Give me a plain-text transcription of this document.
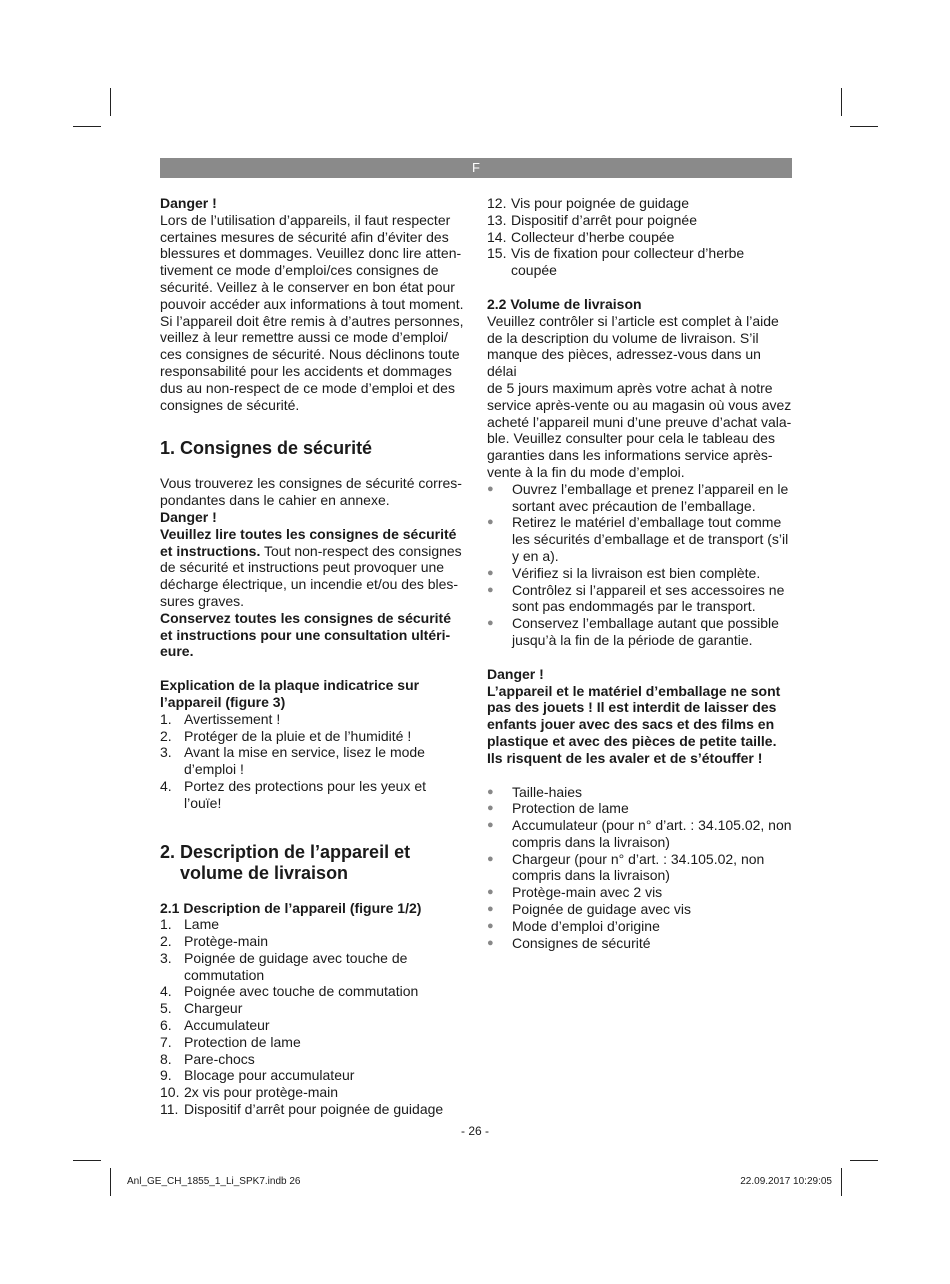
F

Danger !

Lors de l’utilisation d’appareils, il faut respecter
certaines mesures de sécurité afin d’éviter des
blessures et dommages. Veuillez donc lire atten-
tivement ce mode d’emploi/ces consignes de
sécurité. Veillez à le conserver en bon état pour
pouvoir accéder aux informations à tout moment.
Si l’appareil doit être remis à d’autres personnes,
veillez à leur remettre aussi ce mode d’emploi/
ces consignes de sécurité. Nous déclinons toute
responsabilité pour les accidents et dommages
dus au non-respect de ce mode d’emploi et des
consignes de sécurité.
1. Consignes de sécurité
Vous trouverez les consignes de sécurité corres-
pondantes dans le cahier en annexe.

Danger !

Veuillez lire toutes les consignes de sécurité
et instructions. Tout non-respect des consignes
de sécurité et instructions peut provoquer une
décharge électrique, un incendie et/ou des bles-
sures graves.
Conservez toutes les consignes de sécurité
et instructions pour une consultation ultéri-
eure.
Explication de la plaque indicatrice sur
l’appareil (figure 3)
1. Avertissement !
2. Protéger de la pluie et de l’humidité !
3. Avant la mise en service, lisez le mode d’emploi !
4. Portez des protections pour les yeux et l’ouïe!
2. Description de l’appareil et
volume de livraison

2.1 Description de l’appareil (figure 1/2)

1. Lame
2. Protège-main
3. Poignée de guidage avec touche de commutation
4. Poignée avec touche de commutation
5. Chargeur
6. Accumulateur
7. Protection de lame
8. Pare-chocs
9. Blocage pour accumulateur
10. 2x vis pour protège-main
11. Dispositif d’arrêt pour poignée de guidage
12. Vis pour poignée de guidage
13. Dispositif d’arrêt pour poignée
14. Collecteur d’herbe coupée
15. Vis de fixation pour collecteur d’herbe coupée

2.2 Volume de livraison

Veuillez contrôler si l’article est complet à l’aide
de la description du volume de livraison. S’il
manque des pièces, adressez-vous dans un délai
de 5 jours maximum après votre achat à notre
service après-vente ou au magasin où vous avez
acheté l’appareil muni d’une preuve d’achat vala-
ble. Veuillez consulter pour cela le tableau des
garanties dans les informations service après-
vente à la fin du mode d’emploi.
●	Ouvrez l’emballage et prenez l’appareil en le sortant avec précaution de l’emballage.
●	Retirez le matériel d’emballage tout comme les sécurités d’emballage et de transport (s’il y en a).
●	Vérifiez si la livraison est bien complète.
●	Contrôlez si l’appareil et ses accessoires ne sont pas endommagés par le transport.
●	Conservez l’emballage autant que possible jusqu’à la fin de la période de garantie.

Danger !

L’appareil et le matériel d’emballage ne sont
pas des jouets ! Il est interdit de laisser des
enfants jouer avec des sacs et des films en
plastique et avec des pièces de petite taille.
Ils risquent de les avaler et de s’étouffer !
●	Taille-haies
●	Protection de lame
●	Accumulateur (pour n° d’art. : 34.105.02, non compris dans la livraison)
●	Chargeur (pour n° d’art. : 34.105.02, non compris dans la livraison)
●	Protège-main avec 2 vis
●	Poignée de guidage avec vis
●	Mode d’emploi d’origine
●	Consignes de sécurité
- 26 -
Anl_GE_CH_1855_1_Li_SPK7.indb 26	22.09.2017 10:29:05
